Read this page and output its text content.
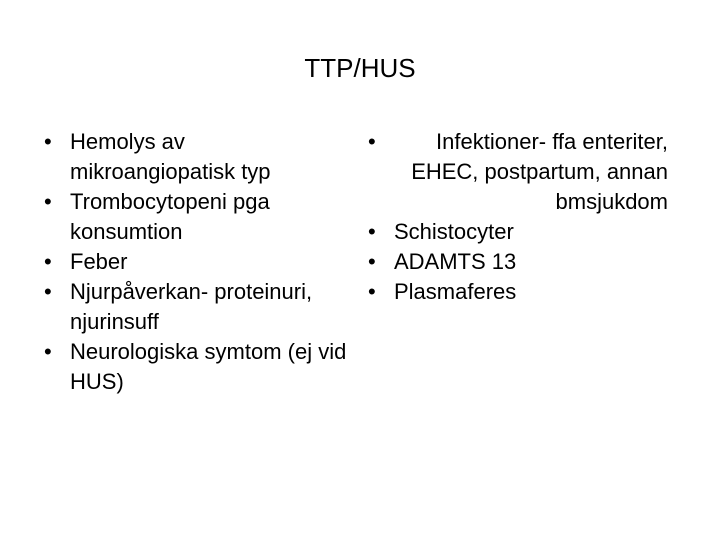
TTP/HUS
• Hemolys av mikroangiopatisk typ
• Trombocytopeni pga konsumtion
• Feber
• Njurpåverkan- proteinuri, njurinsuff
• Neurologiska symtom (ej vid HUS)
•	Infektioner- ffa enteriter, EHEC, postpartum, annan bmsjukdom
• Schistocyter
• ADAMTS 13
• Plasmaferes
